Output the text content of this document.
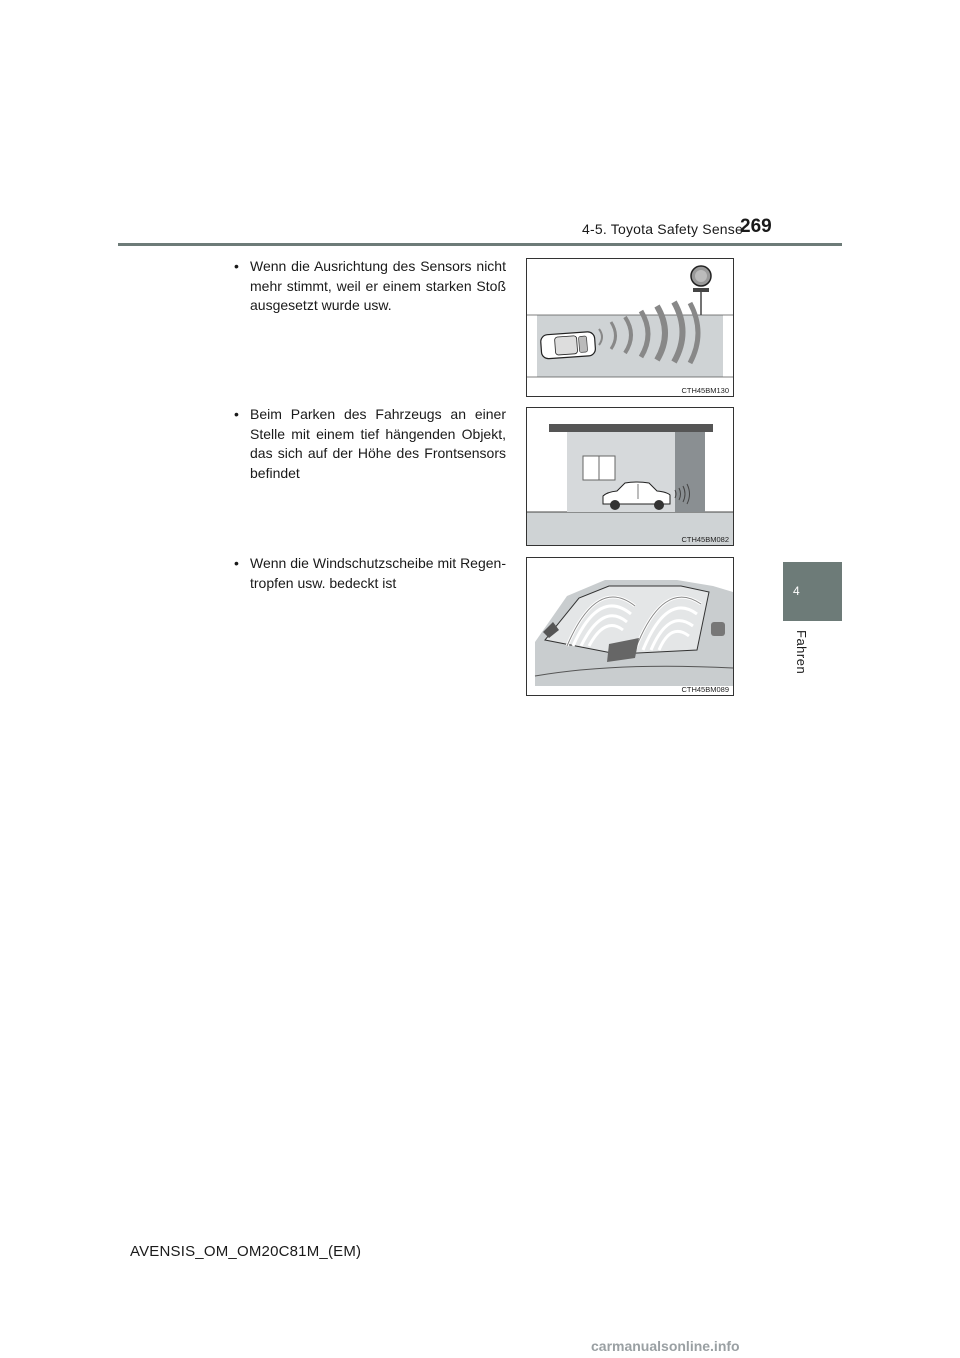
4-5. Toyota Safety Sense
269
4
Fahren
• Wenn die Ausrichtung des Sensors nicht mehr stimmt, weil er einem starken Stoß ausgesetzt wurde usw.
CTH45BM130
• Beim Parken des Fahrzeugs an einer Stelle mit einem tief hängenden Objekt, das sich auf der Höhe des Frontsensors befindet
CTH45BM082
• Wenn die Windschutzscheibe mit Regen-tropfen usw. bedeckt ist
CTH45BM089
AVENSIS_OM_OM20C81M_(EM)
carmanualsonline.info
